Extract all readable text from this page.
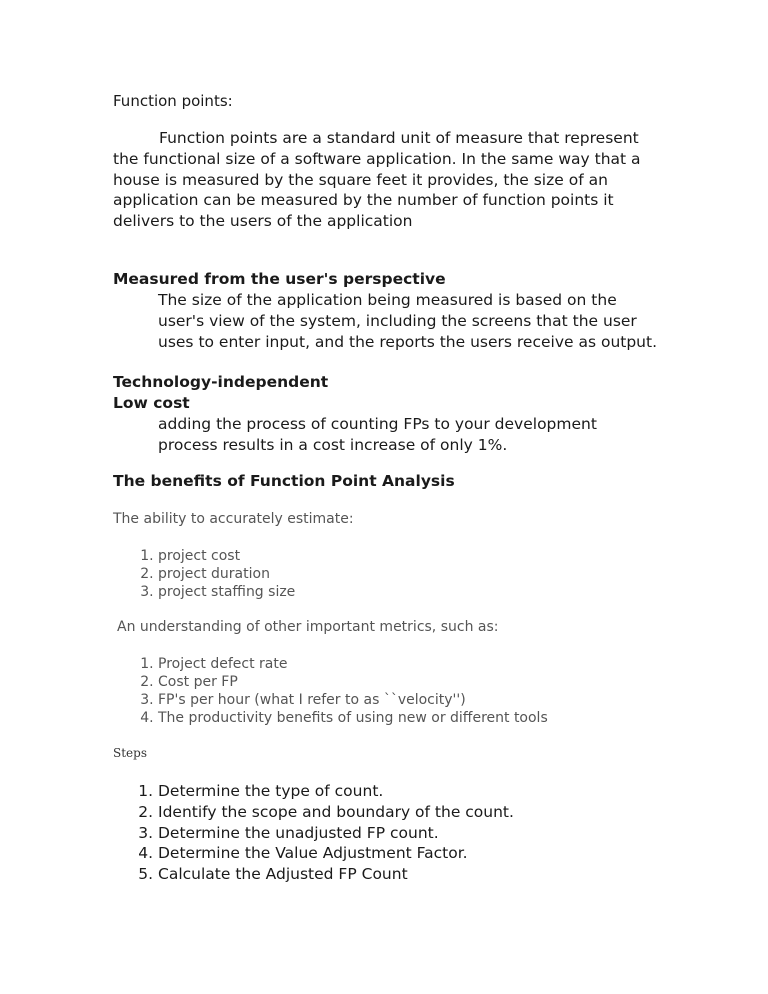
Function points:

Function points are a standard unit of measure that represent the functional size of a software application. In the same way that a house is measured by the square feet it provides, the size of an application can be measured by the number of function points it delivers to the users of the application

Measured from the user's perspective

The size of the application being measured is based on the user's view of the system, including the screens that the user uses to enter input, and the reports the users receive as output.

Technology-independent

Low cost

adding the process of counting FPs to your development process results in a cost increase of only 1%.

The benefits of Function Point Analysis

The ability to accurately estimate:

1. project cost
2. project duration
3. project staffing size

An understanding of other important metrics, such as:

1. Project defect rate
2. Cost per FP
3. FP's per hour (what I refer to as ``velocity'')
4. The productivity benefits of using new or different tools

Steps

1. Determine the type of count.
2. Identify the scope and boundary of the count.
3. Determine the unadjusted FP count.
4. Determine the Value Adjustment Factor.
5. Calculate the Adjusted FP Count
